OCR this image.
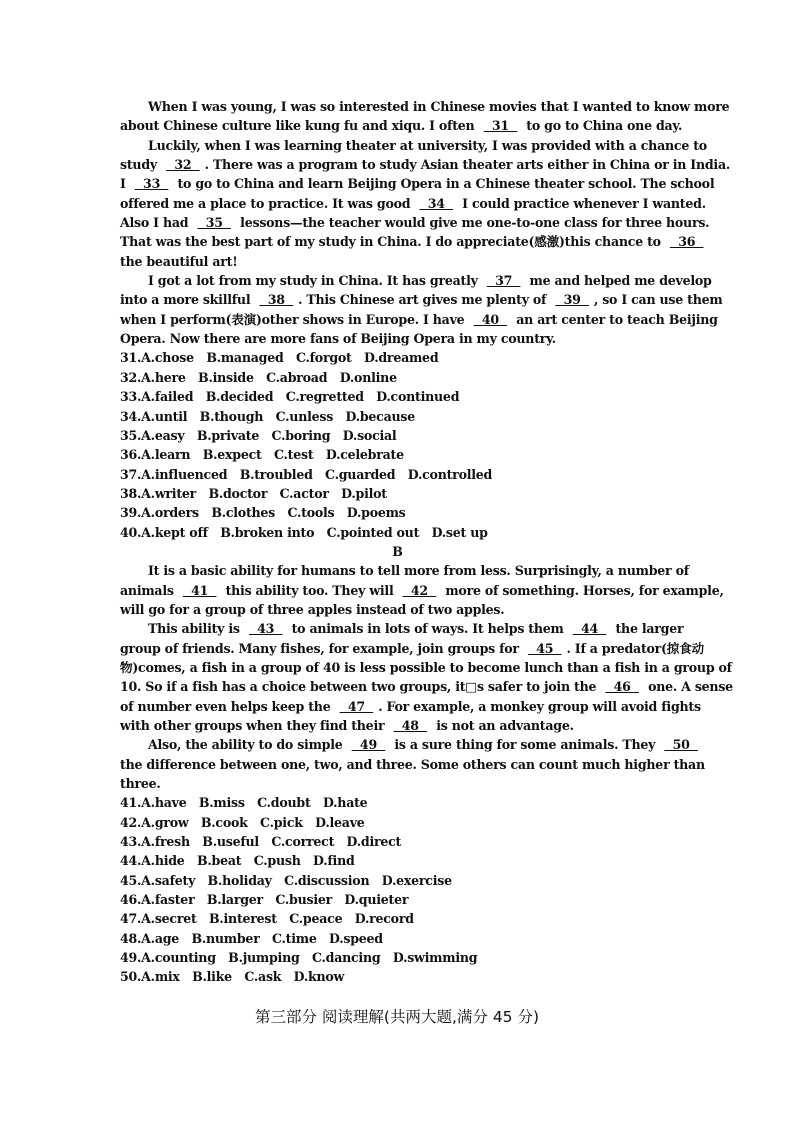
When I was young, I was so interested in Chinese movies that I wanted to know more
about Chinese culture like kung fu and xiqu. I often   31   to go to China one day.
Luckily, when I was learning theater at university, I was provided with a chance to
study   32  . There was a program to study Asian theater arts either in China or in India.
I   33   to go to China and learn Beijing Opera in a Chinese theater school. The school
offered me a place to practice. It was good   34   I could practice whenever I wanted.
Also I had   35   lessons—the teacher would give me one-to-one class for three hours.
That was the best part of my study in China. I do appreciate(感激)this chance to   36
the beautiful art!
I got a lot from my study in China. It has greatly   37   me and helped me develop
into a more skillful   38  . This Chinese art gives me plenty of   39  , so I can use them
when I perform(表演)other shows in Europe. I have   40   an art center to teach Beijing
Opera. Now there are more fans of Beijing Opera in my country.
31.A.chose B.managed C.forgot D.dreamed
32.A.here B.inside C.abroad D.online
33.A.failed B.decided C.regretted D.continued
34.A.until B.though C.unless D.because
35.A.easy B.private C.boring D.social
36.A.learn B.expect C.test D.celebrate
37.A.influenced B.troubled C.guarded D.controlled
38.A.writer B.doctor C.actor D.pilot
39.A.orders B.clothes C.tools D.poems
40.A.kept off B.broken into C.pointed out D.set up
B
It is a basic ability for humans to tell more from less. Surprisingly, a number of
animals   41   this ability too. They will   42   more of something. Horses, for example,
will go for a group of three apples instead of two apples.
This ability is   43   to animals in lots of ways. It helps them   44   the larger
group of friends. Many fishes, for example, join groups for   45  . If a predator(掠食动
物)comes, a fish in a group of 40 is less possible to become lunch than a fish in a group of
10. So if a fish has a choice between two groups, it□s safer to join the   46   one. A sense
of number even helps keep the   47  . For example, a monkey group will avoid fights
with other groups when they find their   48   is not an advantage.
Also, the ability to do simple   49   is a sure thing for some animals. They   50
the difference between one, two, and three. Some others can count much higher than
three.
41.A.have B.miss C.doubt D.hate
42.A.grow B.cook C.pick D.leave
43.A.fresh B.useful C.correct D.direct
44.A.hide B.beat C.push D.find
45.A.safety B.holiday C.discussion D.exercise
46.A.faster B.larger C.busier D.quieter
47.A.secret B.interest C.peace D.record
48.A.age B.number C.time D.speed
49.A.counting B.jumping C.dancing D.swimming
50.A.mix B.like C.ask D.know
第三部分 阅读理解(共两大题,满分 45 分)
